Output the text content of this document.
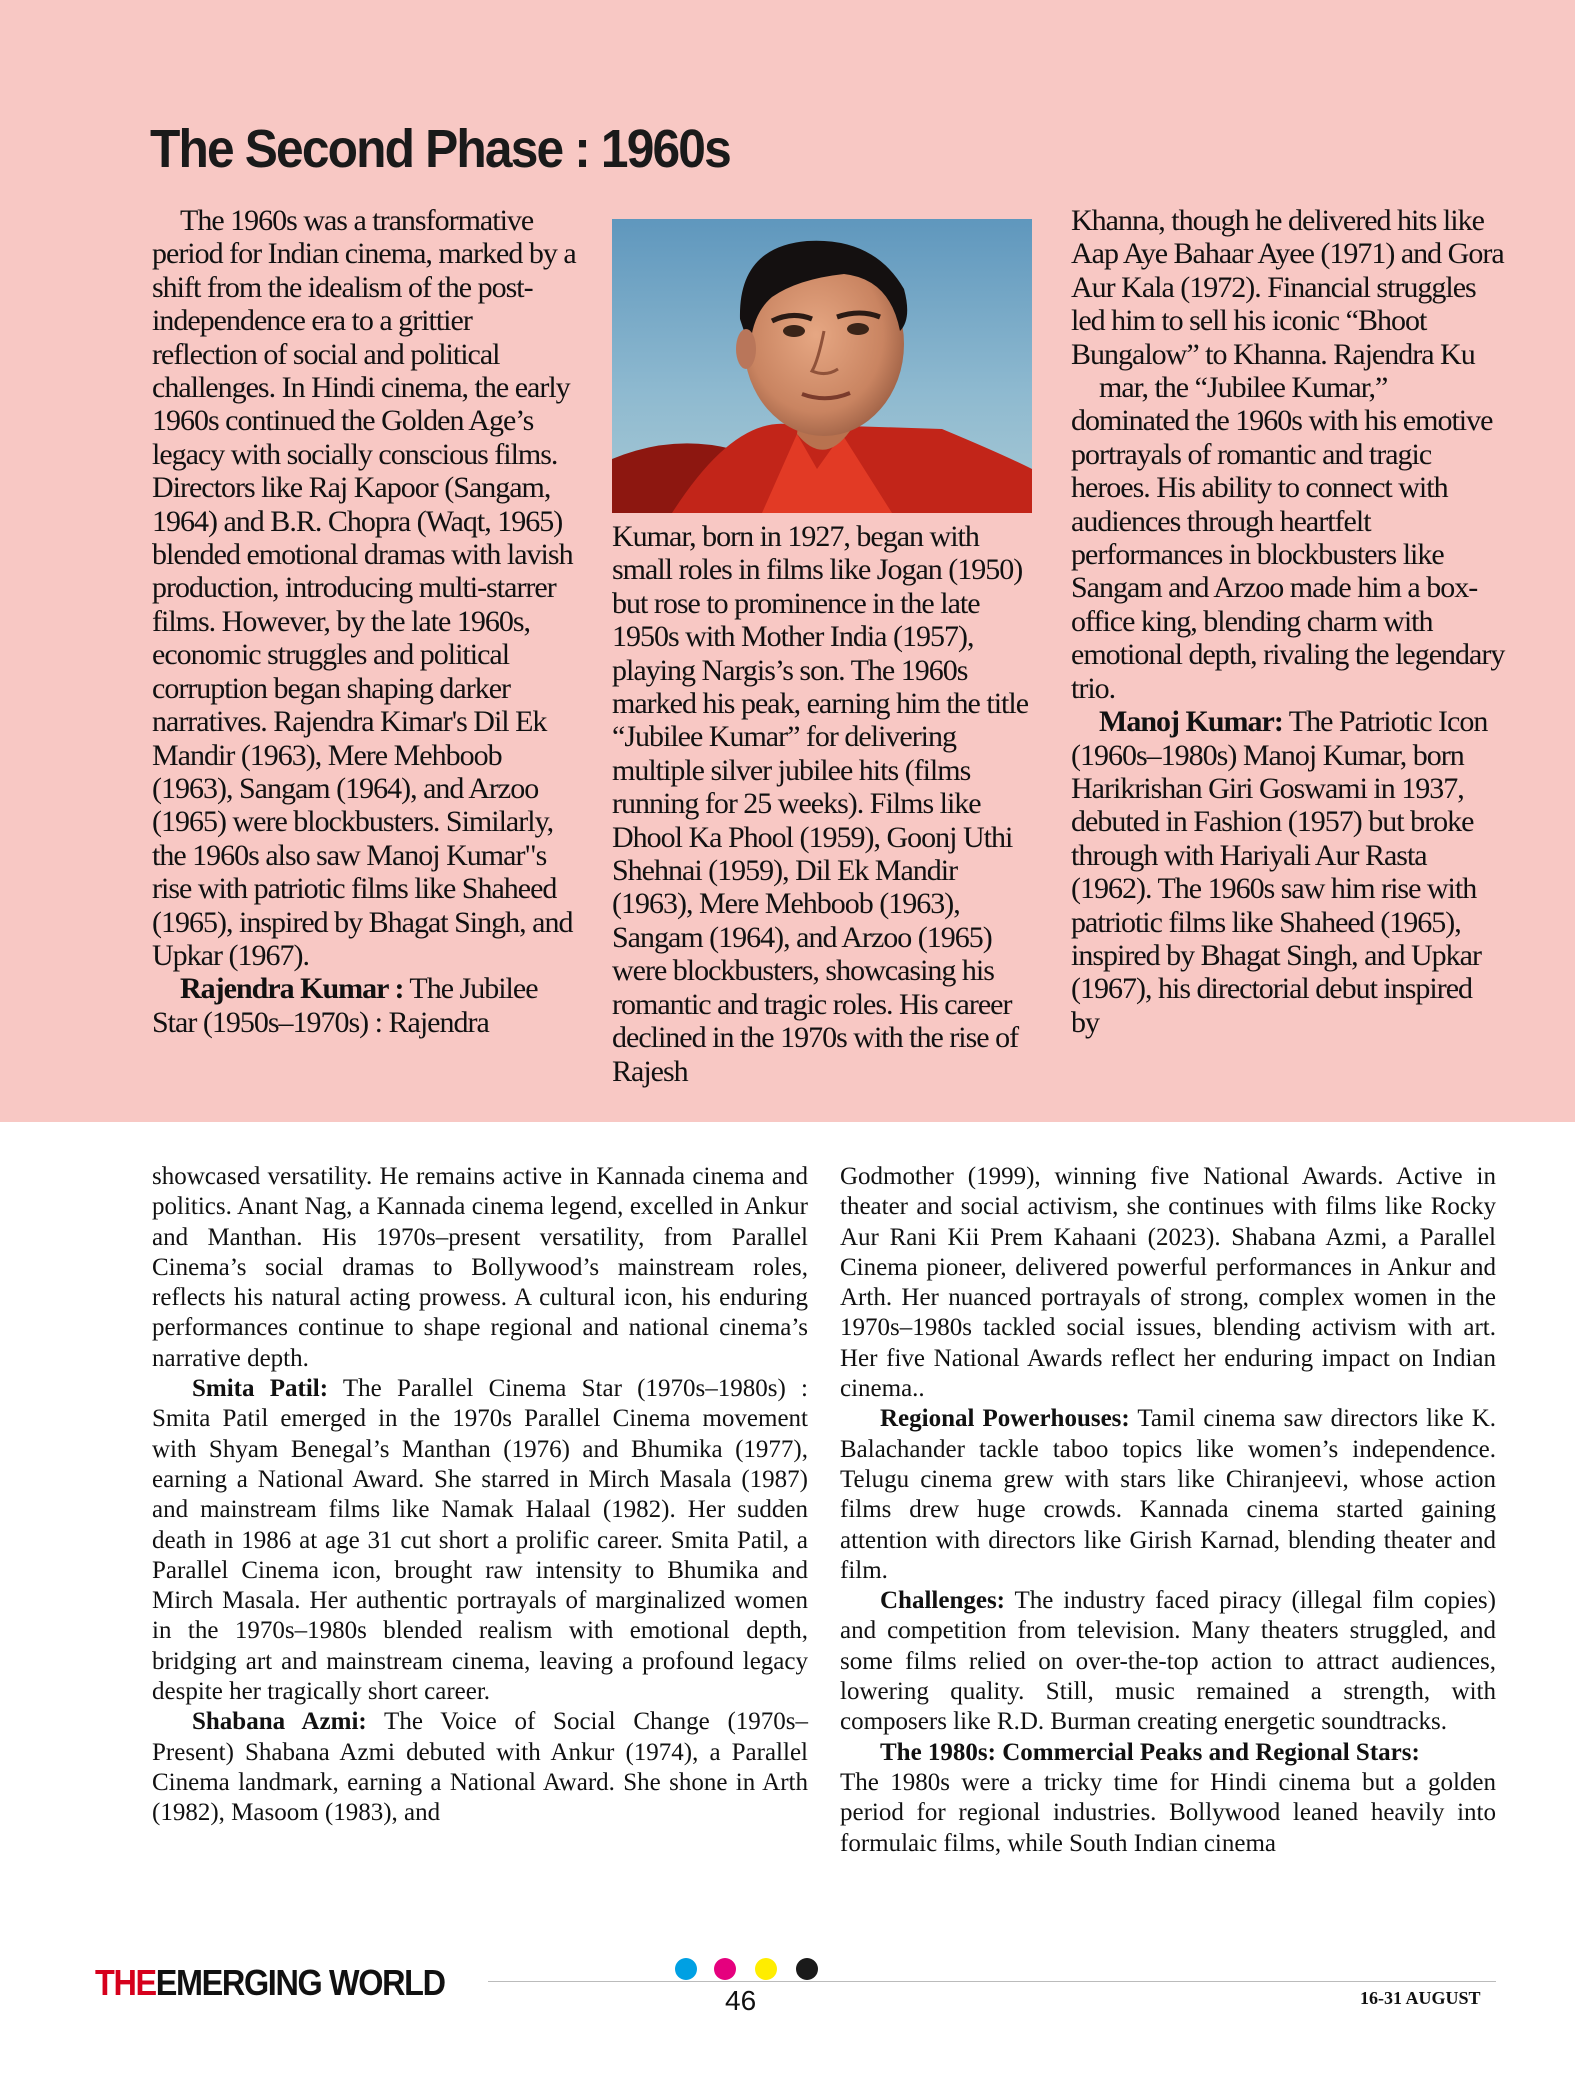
The Second Phase : 1960s

The 1960s was a transformative period for Indian cinema, marked by a shift from the idealism of the post-independence era to a grittier reflection of social and political challenges. In Hindi cinema, the early 1960s continued the Golden Age’s legacy with socially conscious films. Directors like Raj Kapoor (Sangam, 1964) and B.R. Chopra (Waqt, 1965) blended emotional dramas with lavish production, introducing multi-starrer films. However, by the late 1960s, economic struggles and political corruption began shaping darker narratives. Rajendra Kimar's Dil Ek Mandir (1963), Mere Mehboob (1963), Sangam (1964), and Arzoo (1965) were blockbusters. Similarly, the 1960s also saw Manoj Kumar"s rise with patriotic films like Shaheed (1965), inspired by Bhagat Singh, and Upkar (1967).

Rajendra Kumar : The Jubilee Star (1950s–1970s) : Rajendra

Kumar, born in 1927, began with small roles in films like Jogan (1950) but rose to prominence in the late 1950s with Mother India (1957), playing Nargis’s son. The 1960s marked his peak, earning him the title “Jubilee Kumar” for delivering multiple silver jubilee hits (films running for 25 weeks). Films like Dhool Ka Phool (1959), Goonj Uthi Shehnai (1959), Dil Ek Mandir (1963), Mere Mehboob (1963), Sangam (1964), and Arzoo (1965) were blockbusters, showcasing his romantic and tragic roles. His career declined in the 1970s with the rise of Rajesh

Khanna, though he delivered hits like Aap Aye Bahaar Ayee (1971) and Gora Aur Kala (1972). Financial struggles led him to sell his iconic “Bhoot Bungalow” to Khanna. Rajendra Ku

mar, the “Jubilee Kumar,” dominated the 1960s with his emotive portrayals of romantic and tragic heroes. His ability to connect with audiences through heartfelt performances in blockbusters like Sangam and Arzoo made him a box-office king, blending charm with emotional depth, rivaling the legendary trio.

Manoj Kumar: The Patriotic Icon (1960s–1980s) Manoj Kumar, born Harikrishan Giri Goswami in 1937, debuted in Fashion (1957) but broke through with Hariyali Aur Rasta (1962). The 1960s saw him rise with patriotic films like Shaheed (1965), inspired by Bhagat Singh, and Upkar (1967), his directorial debut inspired by

showcased versatility. He remains active in Kannada cinema and politics. Anant Nag, a Kannada cinema legend, excelled in Ankur and Manthan. His 1970s–present versatility, from Parallel Cinema’s social dramas to Bollywood’s mainstream roles, reflects his natural acting prowess. A cultural icon, his enduring performances continue to shape regional and national cinema’s narrative depth.

Smita Patil: The Parallel Cinema Star (1970s–1980s) : Smita Patil emerged in the 1970s Parallel Cinema movement with Shyam Benegal’s Manthan (1976) and Bhumika (1977), earning a National Award. She starred in Mirch Masala (1987) and mainstream films like Namak Halaal (1982). Her sudden death in 1986 at age 31 cut short a prolific career. Smita Patil, a Parallel Cinema icon, brought raw intensity to Bhumika and Mirch Masala. Her authentic portrayals of marginalized women in the 1970s–1980s blended realism with emotional depth, bridging art and mainstream cinema, leaving a profound legacy despite her tragically short career.

Shabana Azmi: The Voice of Social Change (1970s–Present) Shabana Azmi debuted with Ankur (1974), a Parallel Cinema landmark, earning a National Award. She shone in Arth (1982), Masoom (1983), and

Godmother (1999), winning five National Awards. Active in theater and social activism, she continues with films like Rocky Aur Rani Kii Prem Kahaani (2023). Shabana Azmi, a Parallel Cinema pioneer, delivered powerful performances in Ankur and Arth. Her nuanced portrayals of strong, complex women in the 1970s–1980s tackled social issues, blending activism with art. Her five National Awards reflect her enduring impact on Indian cinema..

Regional Powerhouses: Tamil cinema saw directors like K. Balachander tackle taboo topics like women’s independence. Telugu cinema grew with stars like Chiranjeevi, whose action films drew huge crowds. Kannada cinema started gaining attention with directors like Girish Karnad, blending theater and film.

Challenges: The industry faced piracy (illegal film copies) and competition from television. Many theaters struggled, and some films relied on over-the-top action to attract audiences, lowering quality. Still, music remained a strength, with composers like R.D. Burman creating energetic soundtracks.

The 1980s: Commercial Peaks and Regional Stars:

The 1980s were a tricky time for Hindi cinema but a golden period for regional industries. Bollywood leaned heavily into formulaic films, while South Indian cinema

THEEMERGING WORLD	46	16-31 AUGUST
